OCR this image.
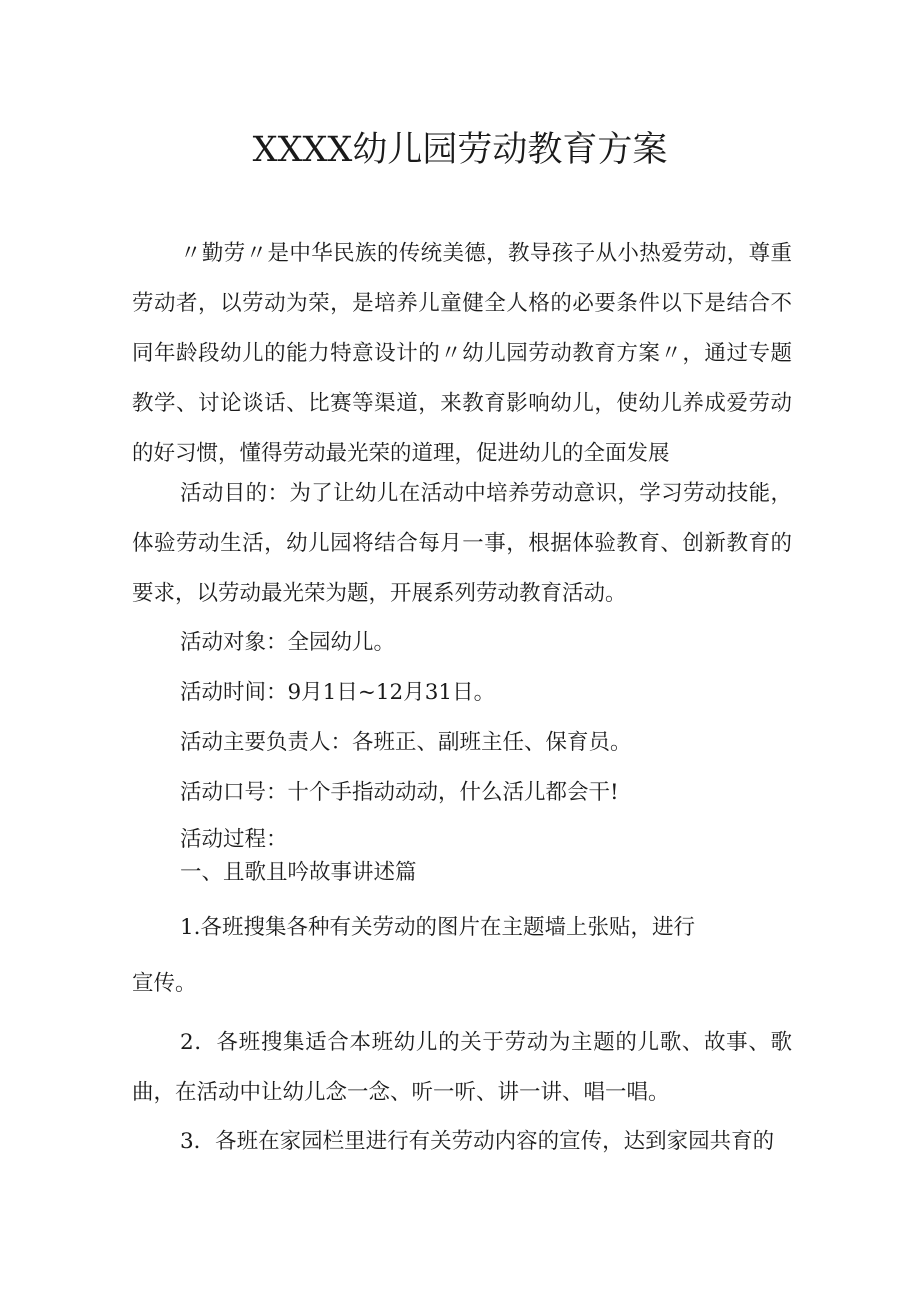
XXXX幼儿园劳动教育方案
〃勤劳〃是中华民族的传统美德，教导孩子从小热爱劳动，尊重劳动者，以劳动为荣，是培养儿童健全人格的必要条件以下是结合不同年龄段幼儿的能力特意设计的〃幼儿园劳动教育方案〃，通过专题教学、讨论谈话、比赛等渠道，来教育影响幼儿，使幼儿养成爱劳动的好习惯，懂得劳动最光荣的道理，促进幼儿的全面发展
活动目的：为了让幼儿在活动中培养劳动意识，学习劳动技能，体验劳动生活，幼儿园将结合每月一事，根据体验教育、创新教育的要求，以劳动最光荣为题，开展系列劳动教育活动。
活动对象：全园幼儿。
活动时间：9月1日~12月31日。
活动主要负责人：各班正、副班主任、保育员。
活动口号：十个手指动动动，什么活儿都会干!
活动过程：
一、且歌且吟故事讲述篇
1.各班搜集各种有关劳动的图片在主题墙上张贴，进行
宣传。
2．各班搜集适合本班幼儿的关于劳动为主题的儿歌、故事、歌曲，在活动中让幼儿念一念、听一听、讲一讲、唱一唱。
3．各班在家园栏里进行有关劳动内容的宣传，达到家园共育的
